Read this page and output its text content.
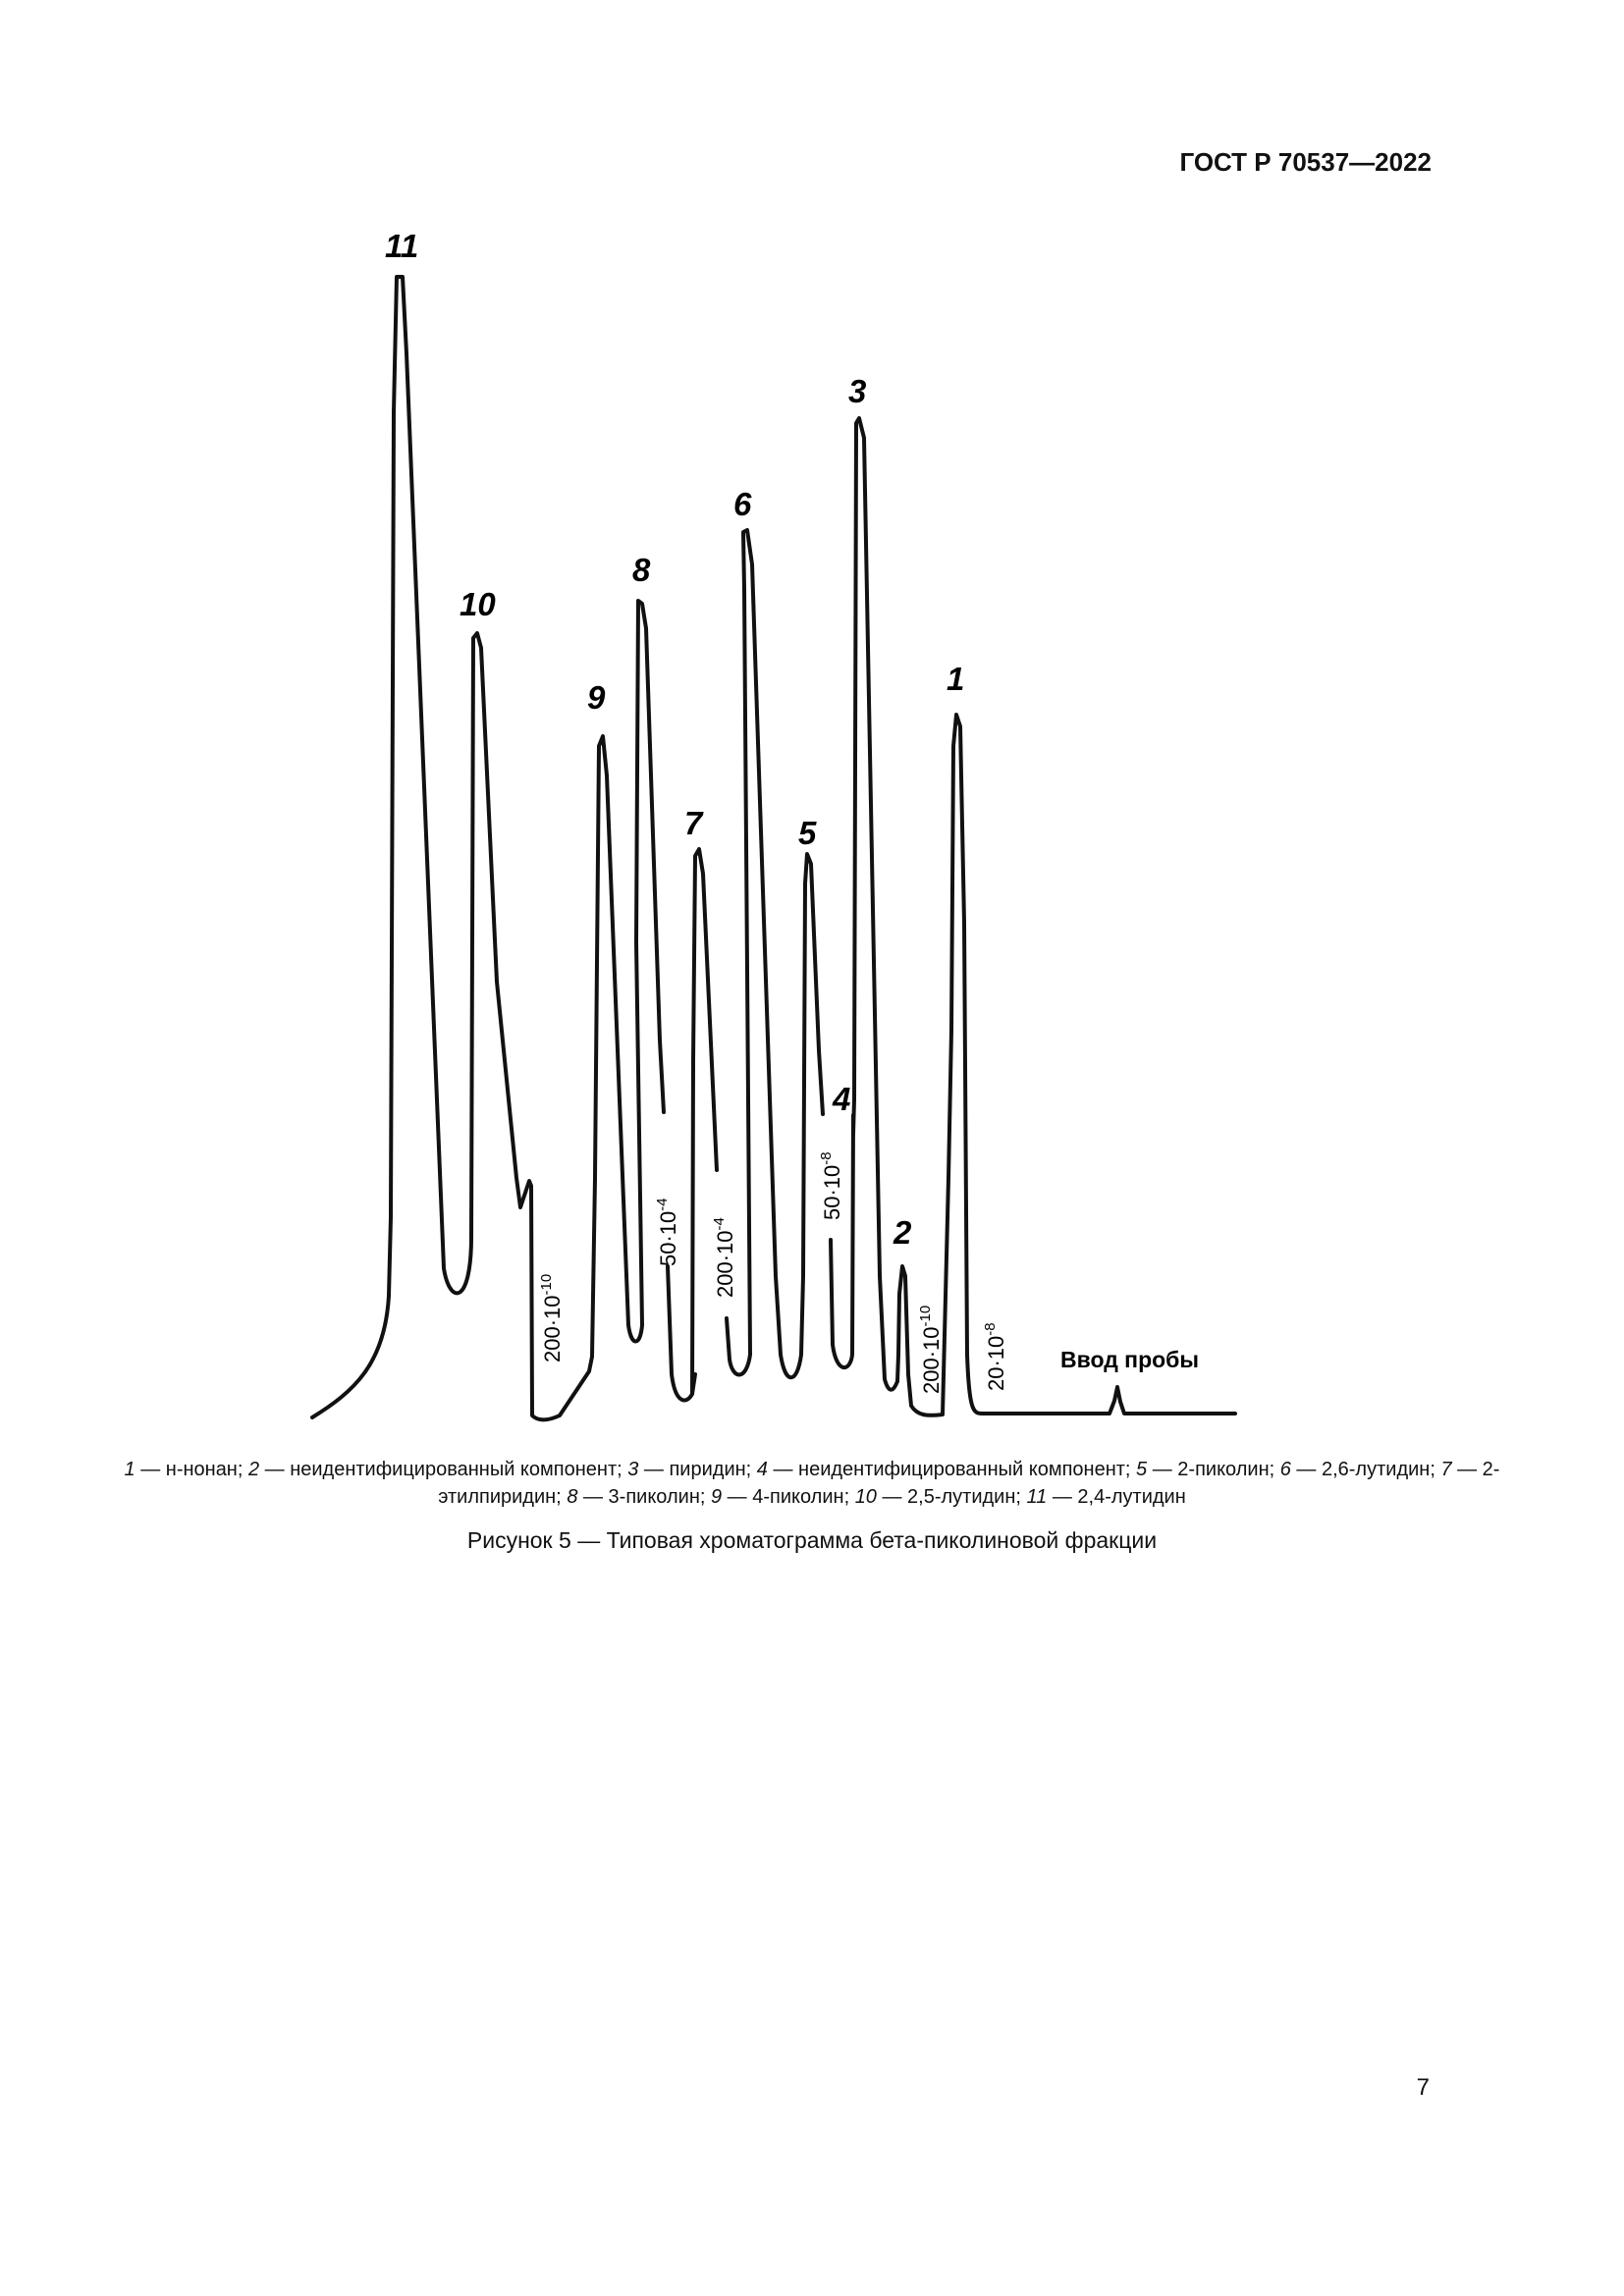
ГОСТ Р 70537—2022
11
10
9
8
7
6
5
4
3
2
1
$200\cdot 10^{-10}$
$50\cdot 10^{-4}$
$200\cdot 10^{-4}$
$50\cdot 10^{-8}$
$200\cdot 10^{-10}$
$20\cdot 10^{-8}$
Ввод пробы
1 — н-нонан; 2 — неидентифицированный компонент; 3 — пиридин; 4 — неидентифицированный компонент; 5 — 2-пиколин; 6 — 2,6-лутидин; 7 — 2-этилпиридин; 8 — 3-пиколин; 9 — 4-пиколин; 10 — 2,5-лутидин; 11 — 2,4-лутидин
Рисунок 5 — Типовая хроматограмма бета-пиколиновой фракции
7
